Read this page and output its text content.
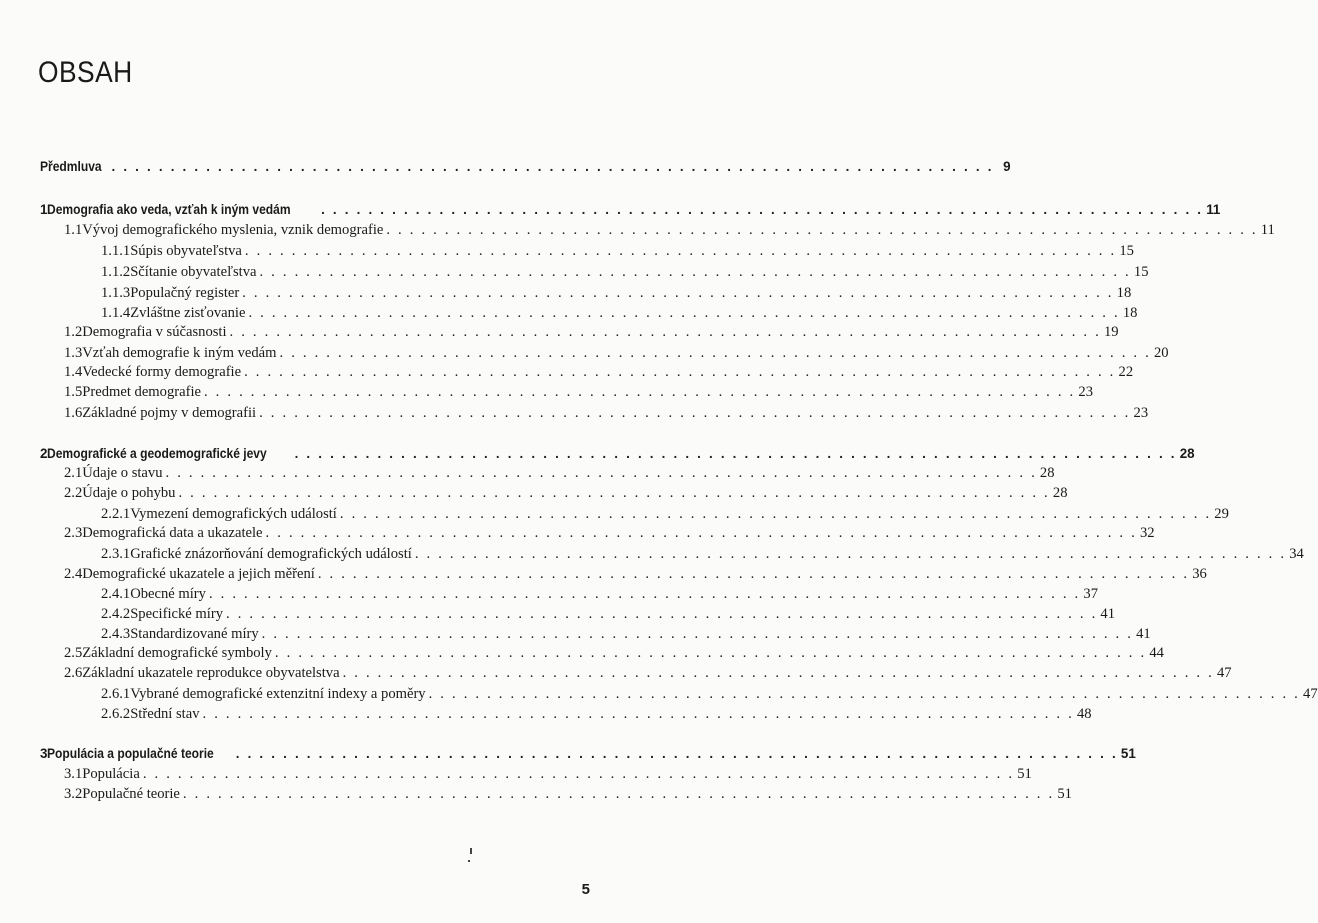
OBSAH
Předmluva . . . . . . . . . . . . . . . . . . . . . . . . . . . . . . . . . . . . . . . . . . . . . . . . . . . . . . . . . . . . . . . . . . . . . . . . . . . 9
1 Demografia ako veda, vzťah k iným vedám . . . . . . . . . . . . . . . . . . . . . . . . . . . . . . . . . . . . . . . . . . . . . . . . . . . . . . . . . . . . . . . . . . . . . . . . . . . 11
1.1 Vývoj demografického myslenia, vznik demografie . . . . . . . . . . . . . . . . . . . . . . . . . . . . . . . . . . . . . . . . . . . . . . . . . . . . . . . . . . . . . . . . . . . . . . . . . . . 11
1.1.1 Súpis obyvateľstva . . . . . . . . . . . . . . . . . . . . . . . . . . . . . . . . . . . . . . . . . . . . . . . . . . . . . . . . . . . . . . . . . . . . . . . . . . . 15
1.1.2 Sčítanie obyvateľstva . . . . . . . . . . . . . . . . . . . . . . . . . . . . . . . . . . . . . . . . . . . . . . . . . . . . . . . . . . . . . . . . . . . . . . . . . . . 15
1.1.3 Populačný register . . . . . . . . . . . . . . . . . . . . . . . . . . . . . . . . . . . . . . . . . . . . . . . . . . . . . . . . . . . . . . . . . . . . . . . . . . . 18
1.1.4 Zvláštne zisťovanie . . . . . . . . . . . . . . . . . . . . . . . . . . . . . . . . . . . . . . . . . . . . . . . . . . . . . . . . . . . . . . . . . . . . . . . . . . . 18
1.2 Demografia v súčasnosti . . . . . . . . . . . . . . . . . . . . . . . . . . . . . . . . . . . . . . . . . . . . . . . . . . . . . . . . . . . . . . . . . . . . . . . . . . . 19
1.3 Vzťah demografie k iným vedám . . . . . . . . . . . . . . . . . . . . . . . . . . . . . . . . . . . . . . . . . . . . . . . . . . . . . . . . . . . . . . . . . . . . . . . . . . . 20
1.4 Vedecké formy demografie . . . . . . . . . . . . . . . . . . . . . . . . . . . . . . . . . . . . . . . . . . . . . . . . . . . . . . . . . . . . . . . . . . . . . . . . . . . 22
1.5 Predmet demografie . . . . . . . . . . . . . . . . . . . . . . . . . . . . . . . . . . . . . . . . . . . . . . . . . . . . . . . . . . . . . . . . . . . . . . . . . . . 23
1.6 Základné pojmy v demografii . . . . . . . . . . . . . . . . . . . . . . . . . . . . . . . . . . . . . . . . . . . . . . . . . . . . . . . . . . . . . . . . . . . . . . . . . . . 23
2 Demografické a geodemografické jevy . . . . . . . . . . . . . . . . . . . . . . . . . . . . . . . . . . . . . . . . . . . . . . . . . . . . . . . . . . . . . . . . . . . . . . . . . . . 28
2.1 Údaje o stavu . . . . . . . . . . . . . . . . . . . . . . . . . . . . . . . . . . . . . . . . . . . . . . . . . . . . . . . . . . . . . . . . . . . . . . . . . . . 28
2.2 Údaje o pohybu . . . . . . . . . . . . . . . . . . . . . . . . . . . . . . . . . . . . . . . . . . . . . . . . . . . . . . . . . . . . . . . . . . . . . . . . . . . 28
2.2.1 Vymezení demografických událostí . . . . . . . . . . . . . . . . . . . . . . . . . . . . . . . . . . . . . . . . . . . . . . . . . . . . . . . . . . . . . . . . . . . . . . . . . . . 29
2.3 Demografická data a ukazatele . . . . . . . . . . . . . . . . . . . . . . . . . . . . . . . . . . . . . . . . . . . . . . . . . . . . . . . . . . . . . . . . . . . . . . . . . . . 32
2.3.1 Grafické znázorňování demografických událostí . . . . . . . . . . . . . . . . . . . . . . . . . . . . . . . . . . . . . . . . . . . . . . . . . . . . . . . . . . . . . . . . . . . . . . . . . . . 34
2.4 Demografické ukazatele a jejich měření . . . . . . . . . . . . . . . . . . . . . . . . . . . . . . . . . . . . . . . . . . . . . . . . . . . . . . . . . . . . . . . . . . . . . . . . . . . 36
2.4.1 Obecné míry . . . . . . . . . . . . . . . . . . . . . . . . . . . . . . . . . . . . . . . . . . . . . . . . . . . . . . . . . . . . . . . . . . . . . . . . . . . 37
2.4.2 Specifické míry . . . . . . . . . . . . . . . . . . . . . . . . . . . . . . . . . . . . . . . . . . . . . . . . . . . . . . . . . . . . . . . . . . . . . . . . . . . 41
2.4.3 Standardizované míry . . . . . . . . . . . . . . . . . . . . . . . . . . . . . . . . . . . . . . . . . . . . . . . . . . . . . . . . . . . . . . . . . . . . . . . . . . . 41
2.5 Základní demografické symboly . . . . . . . . . . . . . . . . . . . . . . . . . . . . . . . . . . . . . . . . . . . . . . . . . . . . . . . . . . . . . . . . . . . . . . . . . . . 44
2.6 Základní ukazatele reprodukce obyvatelstva . . . . . . . . . . . . . . . . . . . . . . . . . . . . . . . . . . . . . . . . . . . . . . . . . . . . . . . . . . . . . . . . . . . . . . . . . . . 47
2.6.1 Vybrané demografické extenzitní indexy a poměry . . . . . . . . . . . . . . . . . . . . . . . . . . . . . . . . . . . . . . . . . . . . . . . . . . . . . . . . . . . . . . . . . . . . . . . . . . . 47
2.6.2 Střední stav . . . . . . . . . . . . . . . . . . . . . . . . . . . . . . . . . . . . . . . . . . . . . . . . . . . . . . . . . . . . . . . . . . . . . . . . . . . 48
3 Populácia a populačné teorie . . . . . . . . . . . . . . . . . . . . . . . . . . . . . . . . . . . . . . . . . . . . . . . . . . . . . . . . . . . . . . . . . . . . . . . . . . . 51
3.1 Populácia . . . . . . . . . . . . . . . . . . . . . . . . . . . . . . . . . . . . . . . . . . . . . . . . . . . . . . . . . . . . . . . . . . . . . . . . . . . 51
3.2 Populačné teorie . . . . . . . . . . . . . . . . . . . . . . . . . . . . . . . . . . . . . . . . . . . . . . . . . . . . . . . . . . . . . . . . . . . . . . . . . . . 51
5
